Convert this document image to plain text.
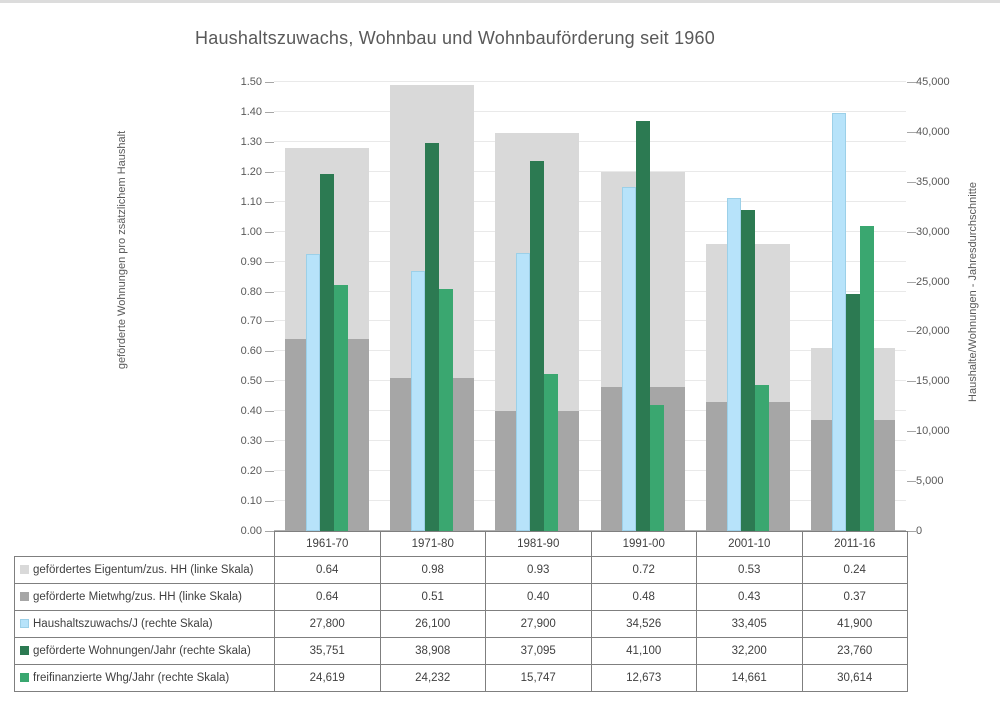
Haushaltszuwachs, Wohnbau und Wohnbauförderung seit 1960
geförderte Wohnungen pro zsätzlichem Haushalt	Haushalte/Wohnungen - Jahresdurchschnitte
1.50
1.40
1.30
1.20
1.10
1.00
0.90
0.80
0.70
0.60
0.50
0.40
0.30
0.20
0.10
0.00
45,000
40,000
35,000
30,000
25,000
20,000
15,000
10,000
5,000
0
	1961-70	1971-80	1981-90	1991-00	2001-10	2011-16
gefördertes Eigentum/zus. HH (linke Skala)	0.64	0.98	0.93	0.72	0.53	0.24
geförderte Mietwhg/zus. HH (linke Skala)	0.64	0.51	0.40	0.48	0.43	0.37
Haushaltszuwachs/J (rechte Skala)	27,800	26,100	27,900	34,526	33,405	41,900
geförderte Wohnungen/Jahr (rechte Skala)	35,751	38,908	37,095	41,100	32,200	23,760
freifinanzierte Whg/Jahr (rechte Skala)	24,619	24,232	15,747	12,673	14,661	30,614
